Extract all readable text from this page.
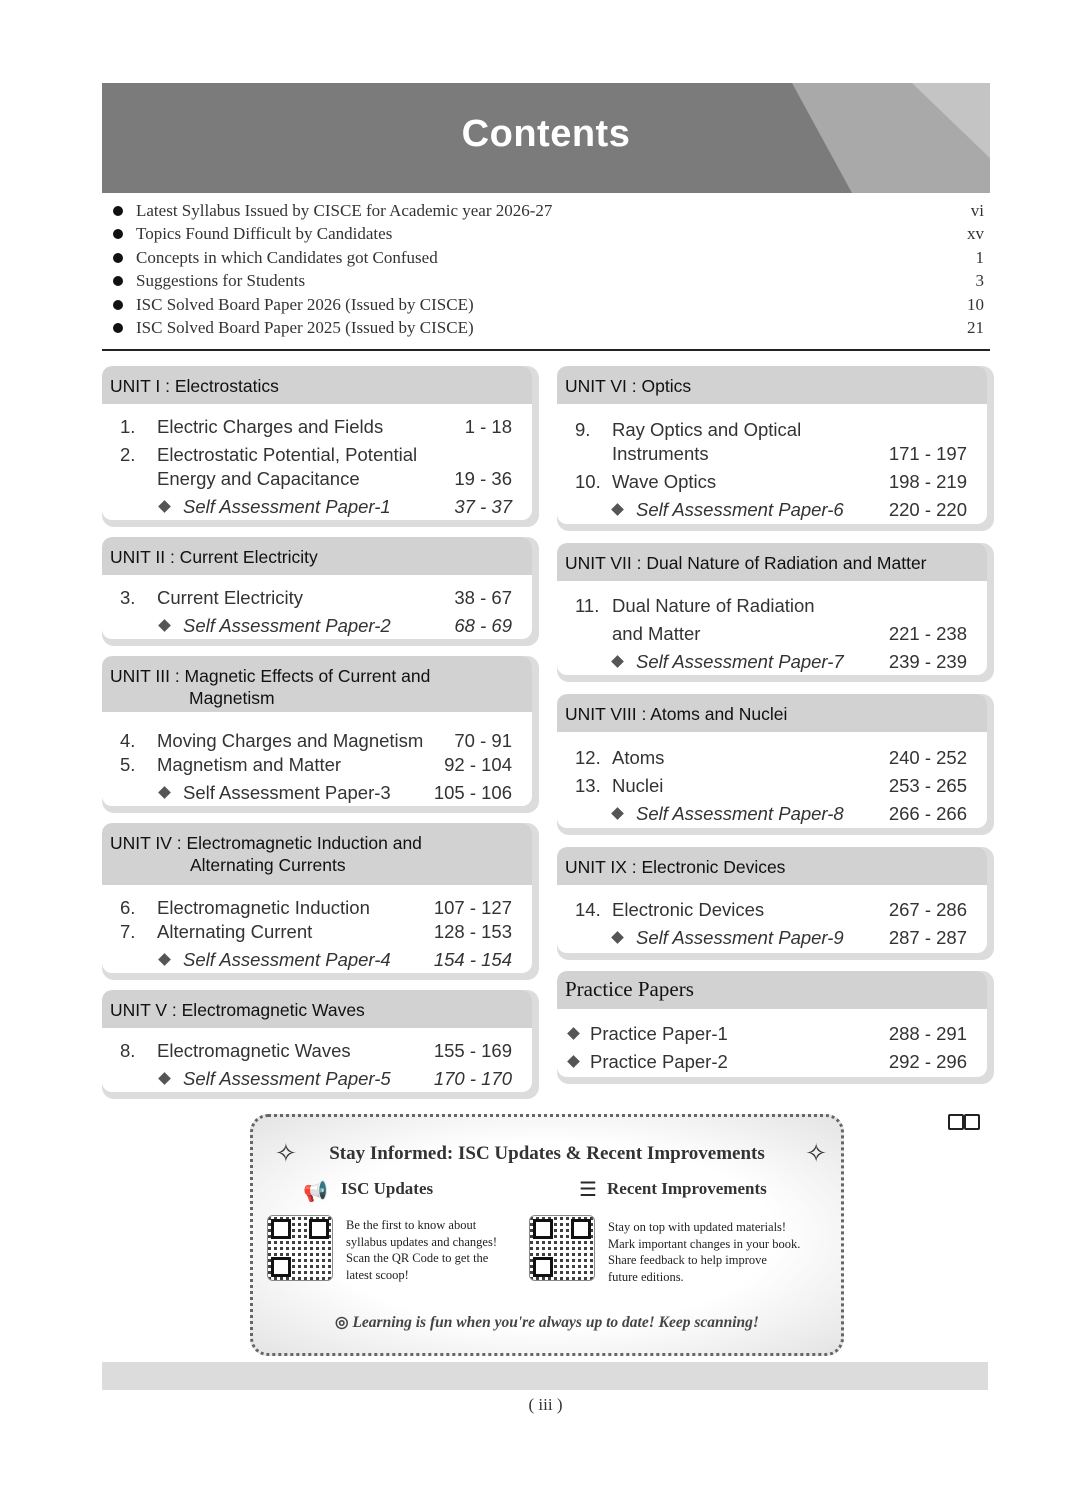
Contents
Latest Syllabus Issued by CISCE for Academic year 2026-27	vi
Topics Found Difficult by Candidates	xv
Concepts in which Candidates got Confused	1
Suggestions for Students	3
ISC Solved Board Paper 2026 (Issued by CISCE)	10
ISC Solved Board Paper 2025 (Issued by CISCE)	21
UNIT I : Electrostatics
1.	Electric Charges and Fields	1 - 18
2.	Electrostatic Potential, Potential
Energy and Capacitance	19 - 36
Self Assessment Paper-1	37 - 37
UNIT II : Current Electricity
3.	Current Electricity	38 - 67
Self Assessment Paper-2	68 - 69
UNIT III : Magnetic Effects of Current and
Magnetism
4.	Moving Charges and Magnetism 70 - 91
5.	Magnetism and Matter	92 - 104
Self Assessment Paper-3 105 - 106
UNIT IV : Electromagnetic Induction and
Alternating Currents
6.	Electromagnetic Induction	107 - 127
7.	Alternating Current	128 - 153
Self Assessment Paper-4 154 - 154
UNIT V : Electromagnetic Waves
8.	Electromagnetic Waves	155 - 169
Self Assessment Paper-5 170 - 170
UNIT VI : Optics
9.	Ray Optics and Optical
Instruments	171 - 197
10. Wave Optics	198 - 219
Self Assessment Paper-6 220 - 220
UNIT VII : Dual Nature of Radiation and Matter
11. Dual Nature of Radiation
and Matter	221 - 238
Self Assessment Paper-7 239 - 239
UNIT VIII : Atoms and Nuclei
12. Atoms	240 - 252
13. Nuclei	253 - 265
Self Assessment Paper-8 266 - 266
UNIT IX : Electronic Devices
14. Electronic Devices	267 - 286
Self Assessment Paper-9 287 - 287
Practice Papers
Practice Paper-1	288 - 291
Practice Paper-2	292 - 296
✧	✧
Stay Informed: ISC Updates & Recent Improvements
📢 ISC Updates	☰ Recent Improvements
Be the first to know about
syllabus updates and changes!
Scan the QR Code to get the
latest scoop!
Stay on top with updated materials!
Mark important changes in your book.
Share feedback to help improve
future editions.
◎ Learning is fun when you're always up to date! Keep scanning!
( iii )
